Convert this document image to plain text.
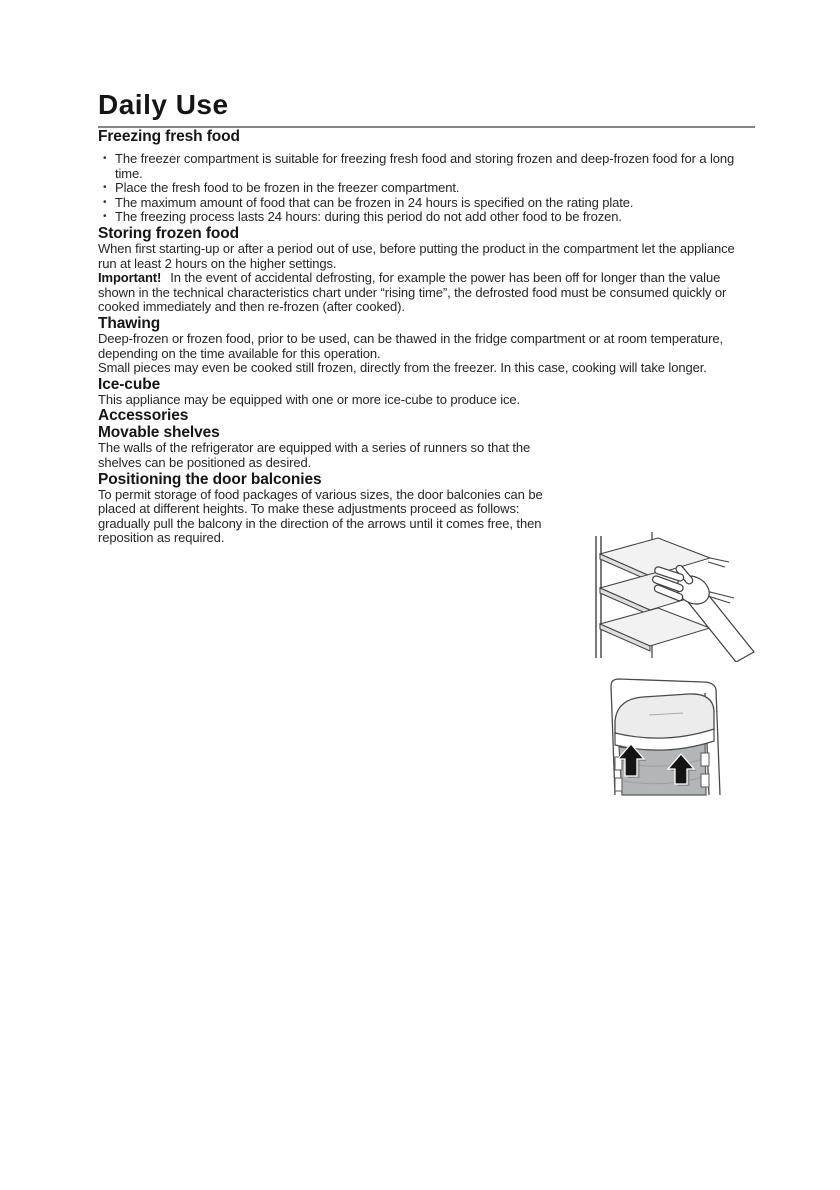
Daily Use
Freezing fresh food
• The freezer compartment is suitable for freezing fresh food and storing frozen and deep-frozen food for a long time.
• Place the fresh food to be frozen in the freezer compartment.
• The maximum amount of food that can be frozen in 24 hours is specified on the rating plate.
• The freezing process lasts 24 hours: during this period do not add other food to be frozen.
Storing frozen food

When first starting-up or after a period out of use, before putting the product in the compartment let the appliance run at least 2 hours on the higher settings.

Important! In the event of accidental defrosting, for example the power has been off for longer than the value shown in the technical characteristics chart under “rising time”, the defrosted food must be consumed quickly or cooked immediately and then re-frozen (after cooked).

Thawing

Deep-frozen or frozen food, prior to be used, can be thawed in the fridge compartment or at room temperature, depending on the time available for this operation.

Small pieces may even be cooked still frozen, directly from the freezer. In this case, cooking will take longer.

Ice-cube

This appliance may be equipped with one or more ice-cube to produce ice.

Accessories
Movable shelves

The walls of the refrigerator are equipped with a series of runners so that the shelves can be positioned as desired.

Positioning the door balconies

To permit storage of food packages of various sizes, the door balconies can be placed at different heights. To make these adjustments proceed as follows: gradually pull the balcony in the direction of the arrows until it comes free, then reposition as required.
